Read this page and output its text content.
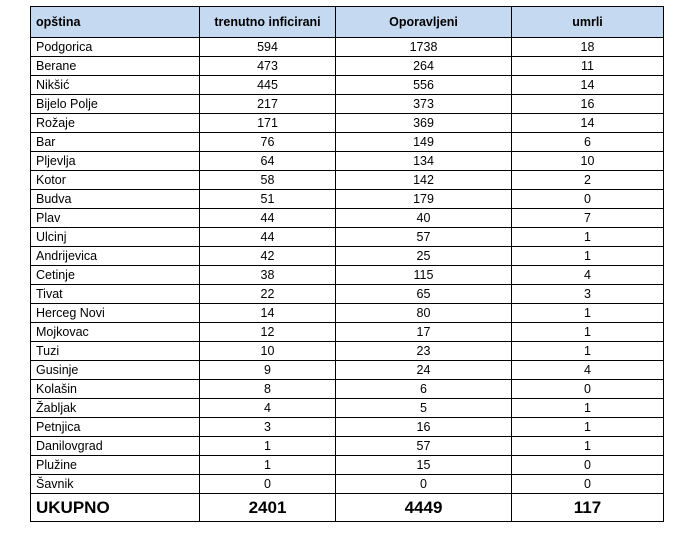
opština	trenutno inficirani	Oporavljeni	umrli
Podgorica	594	1738	18
Berane	473	264	11
Nikšić	445	556	14
Bijelo Polje	217	373	16
Rožaje	171	369	14
Bar	76	149	6
Pljevlja	64	134	10
Kotor	58	142	2
Budva	51	179	0
Plav	44	40	7
Ulcinj	44	57	1
Andrijevica	42	25	1
Cetinje	38	115	4
Tivat	22	65	3
Herceg Novi	14	80	1
Mojkovac	12	17	1
Tuzi	10	23	1
Gusinje	9	24	4
Kolašin	8	6	0
Žabljak	4	5	1
Petnjica	3	16	1
Danilovgrad	1	57	1
Plužine	1	15	0
Šavnik	0	0	0
UKUPNO	2401	4449	117
